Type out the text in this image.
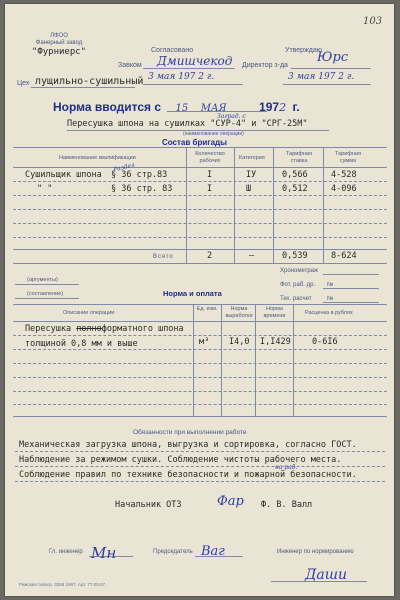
ЛФОО
Фанерный завод
"Фурниерс"	Согласовано	Утверждаю
103
Юрс
Завком Дмишчекод Директор з-да
Цех лущильно-сушильный 3 мая 197 2 г.	3 мая 197 2 г.
Норма вводится с 15 МАЯ	1972 г.
Заград. с
Пересушка шпона на сушилках "СУР-4" и "СРГ-25М"
(наименование операции)
Состав бригады
Наименование квалификации
Количество рабочих	Категория
Тарифная ставка
Тарифная сумма
Раздел
Сушильщик шпона § 36 стр.83	I	IУ	0,566	4-528
" "	§ 36 стр. 83	I	Ш	0,512	4-096
Всего	2	–	0,539	8-624
(аргументы)
(составление)	Норма и оплата
Хронометраж
Фот. раб. др. №
Тех. расчет	№
Описание операции
Ед. изм.	Норма выработки
Норма времени	Расценка в рублях
Пересушка полноформатного шпона
толщиной 0,8 мм и выше	м³ I4,0 I,I429	0-6I6
Обязанности при выполнении работе
Механическая загрузка шпона, выгрузка и сортировка, согласно ГОСТ.
Наблюдение за режимом сушки. Соблюдение чистоты рабочего места.
на раб.
Соблюдение правил по технике безопасности и пожарной безопасности.
Начальник ОТЗ	Фар Ф. В. Валл
Гл. инженер Мн	Председатель Ваг	Инженер по нормированию
Даши
Рижская типогр. 3268 1967. Арт. 77.00.07.
